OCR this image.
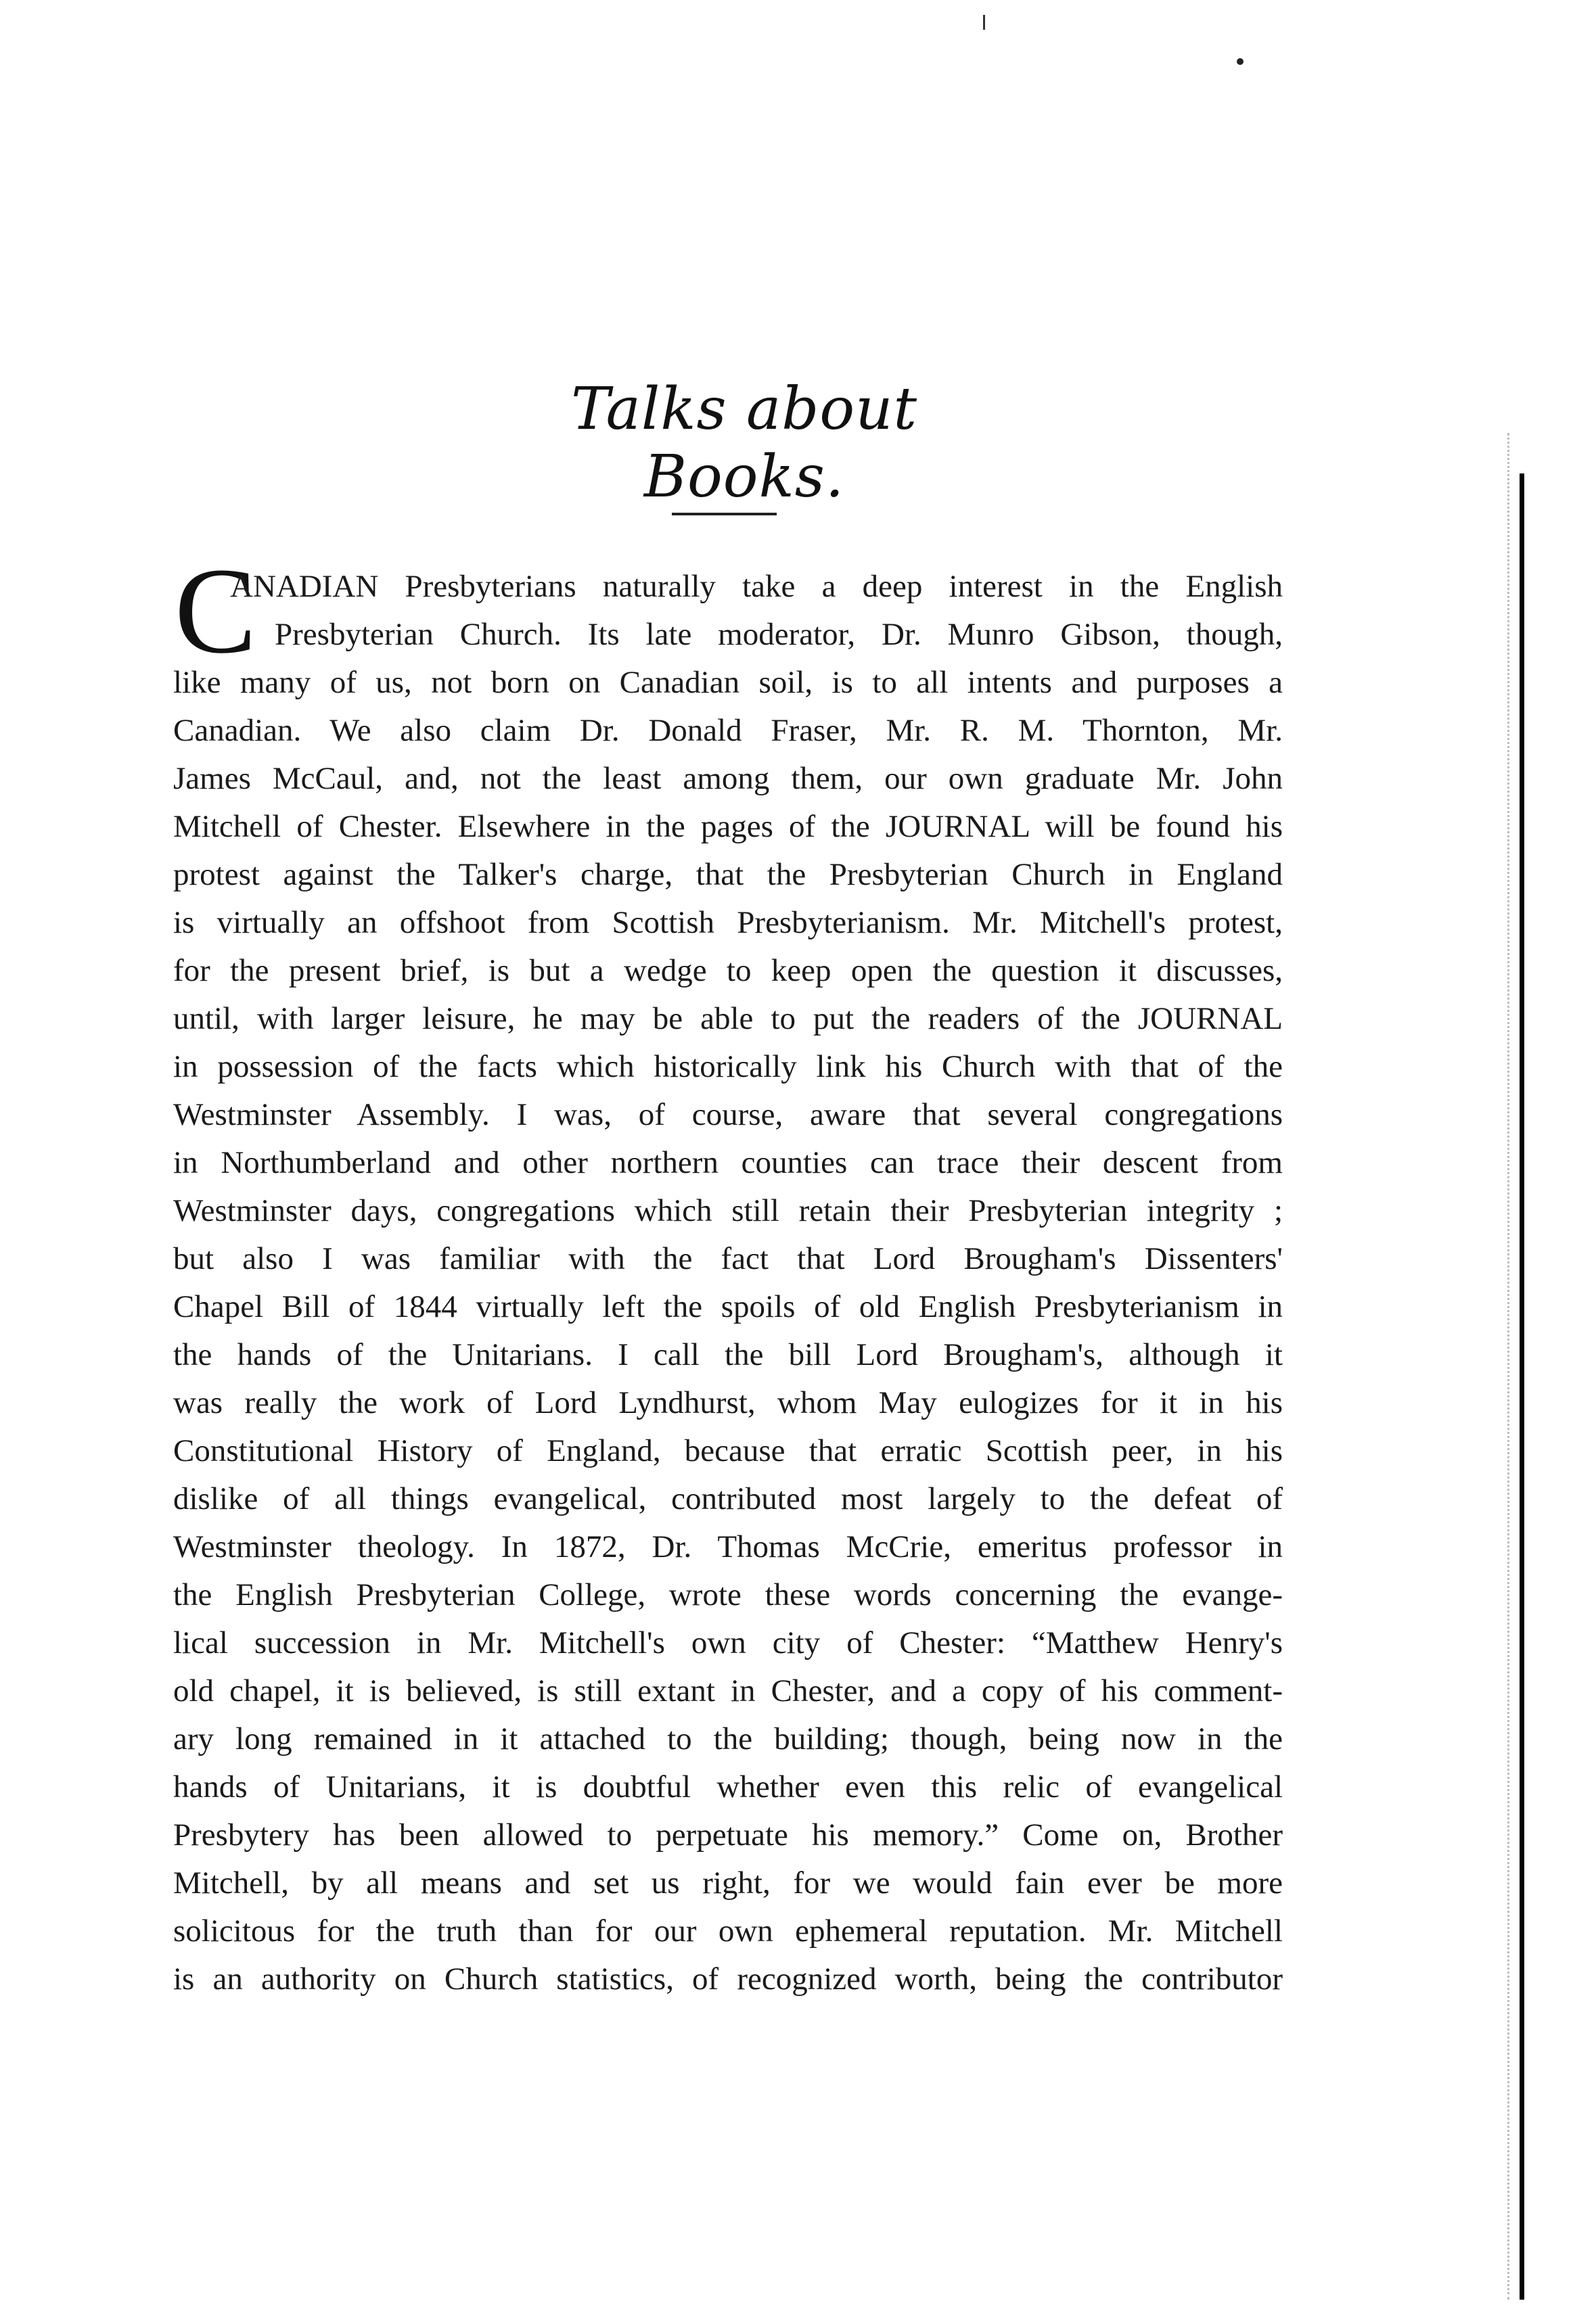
Talks about Books.
C
ANADIAN Presbyterians naturally take a deep interest in the English
Presbyterian Church. Its late moderator, Dr. Munro Gibson, though,
like many of us, not born on Canadian soil, is to all intents and purposes a
Canadian. We also claim Dr. Donald Fraser, Mr. R. M. Thornton, Mr.
James McCaul, and, not the least among them, our own graduate Mr. John
Mitchell of Chester. Elsewhere in the pages of the JOURNAL will be found his
protest against the Talker's charge, that the Presbyterian Church in England
is virtually an offshoot from Scottish Presbyterianism. Mr. Mitchell's protest,
for the present brief, is but a wedge to keep open the question it discusses,
until, with larger leisure, he may be able to put the readers of the JOURNAL
in possession of the facts which historically link his Church with that of the
Westminster Assembly. I was, of course, aware that several congregations
in Northumberland and other northern counties can trace their descent from
Westminster days, congregations which still retain their Presbyterian integrity ;
but also I was familiar with the fact that Lord Brougham's Dissenters'
Chapel Bill of 1844 virtually left the spoils of old English Presbyterianism in
the hands of the Unitarians. I call the bill Lord Brougham's, although it
was really the work of Lord Lyndhurst, whom May eulogizes for it in his
Constitutional History of England, because that erratic Scottish peer, in his
dislike of all things evangelical, contributed most largely to the defeat of
Westminster theology. In 1872, Dr. Thomas McCrie, emeritus professor in
the English Presbyterian College, wrote these words concerning the evange-
lical succession in Mr. Mitchell's own city of Chester: “Matthew Henry's
old chapel, it is believed, is still extant in Chester, and a copy of his comment-
ary long remained in it attached to the building; though, being now in the
hands of Unitarians, it is doubtful whether even this relic of evangelical
Presbytery has been allowed to perpetuate his memory.” Come on, Brother
Mitchell, by all means and set us right, for we would fain ever be more
solicitous for the truth than for our own ephemeral reputation. Mr. Mitchell
is an authority on Church statistics, of recognized worth, being the contributor
